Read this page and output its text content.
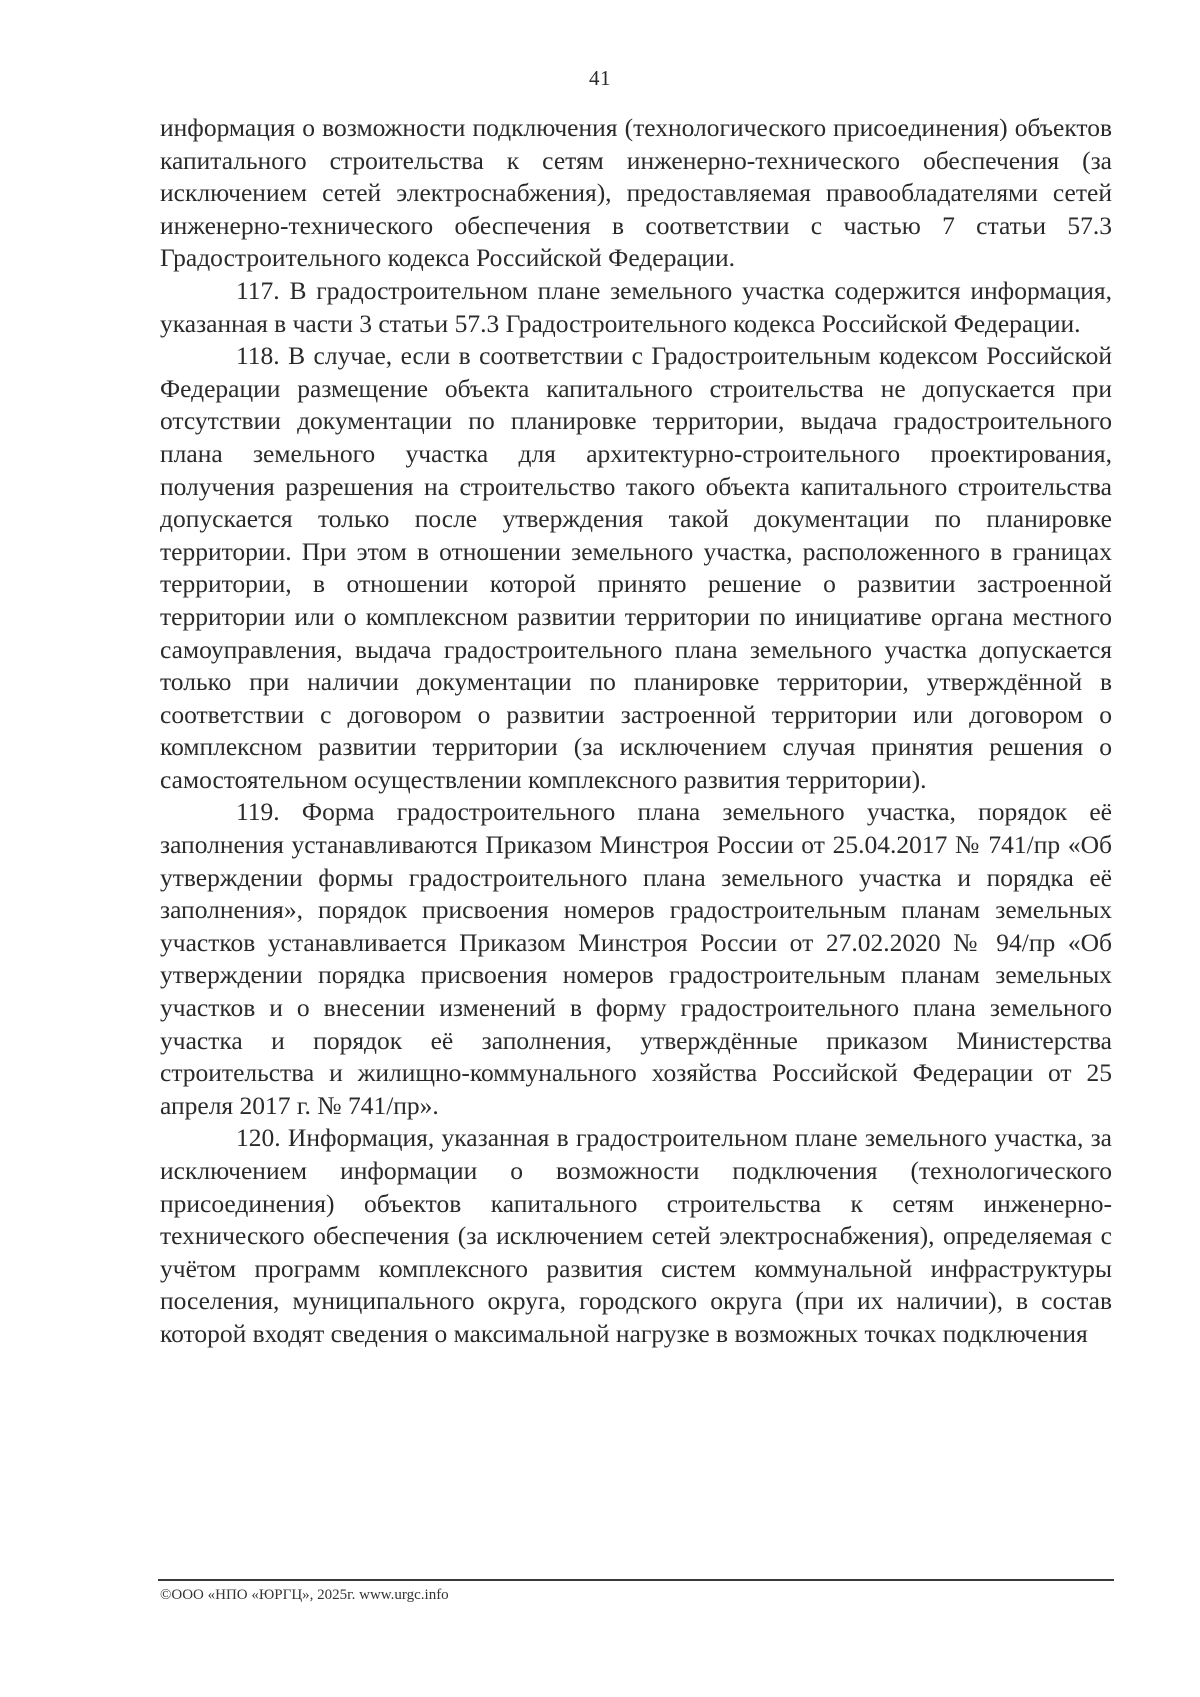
41

информация о возможности подключения (технологического присоединения) объектов капитального строительства к сетям инженерно-технического обеспечения (за исключением сетей электроснабжения), предоставляемая правообладателями сетей инженерно-технического обеспечения в соответствии с частью 7 статьи 57.3 Градостроительного кодекса Российской Федерации.

117. В градостроительном плане земельного участка содержится информация, указанная в части 3 статьи 57.3 Градостроительного кодекса Российской Федерации.

118. В случае, если в соответствии с Градостроительным кодексом Российской Федерации размещение объекта капитального строительства не допускается при отсутствии документации по планировке территории, выдача градостроительного плана земельного участка для архитектурно-строительного проектирования, получения разрешения на строительство такого объекта капитального строительства допускается только после утверждения такой документации по планировке территории. При этом в отношении земельного участка, расположенного в границах территории, в отношении которой принято решение о развитии застроенной территории или о комплексном развитии территории по инициативе органа местного самоуправления, выдача градостроительного плана земельного участка допускается только при наличии документации по планировке территории, утверждённой в соответствии с договором о развитии застроенной территории или договором о комплексном развитии территории (за исключением случая принятия решения о самостоятельном осуществлении комплексного развития территории).

119. Форма градостроительного плана земельного участка, порядок её заполнения устанавливаются Приказом Минстроя России от 25.04.2017 № 741/пр «Об утверждении формы градостроительного плана земельного участка и порядка её заполнения», порядок присвоения номеров градостроительным планам земельных участков устанавливается Приказом Минстроя России от 27.02.2020 № 94/пр «Об утверждении порядка присвоения номеров градостроительным планам земельных участков и о внесении изменений в форму градостроительного плана земельного участка и порядок её заполнения, утверждённые приказом Министерства строительства и жилищно-коммунального хозяйства Российской Федерации от 25 апреля 2017 г. № 741/пр».

120. Информация, указанная в градостроительном плане земельного участка, за исключением информации о возможности подключения (технологического присоединения) объектов капитального строительства к сетям инженерно-технического обеспечения (за исключением сетей электроснабжения), определяемая с учётом программ комплексного развития систем коммунальной инфраструктуры поселения, муниципального округа, городского округа (при их наличии), в состав которой входят сведения о максимальной нагрузке в возможных точках подключения

©ООО «НПО «ЮРГЦ», 2025г. www.urgc.info
